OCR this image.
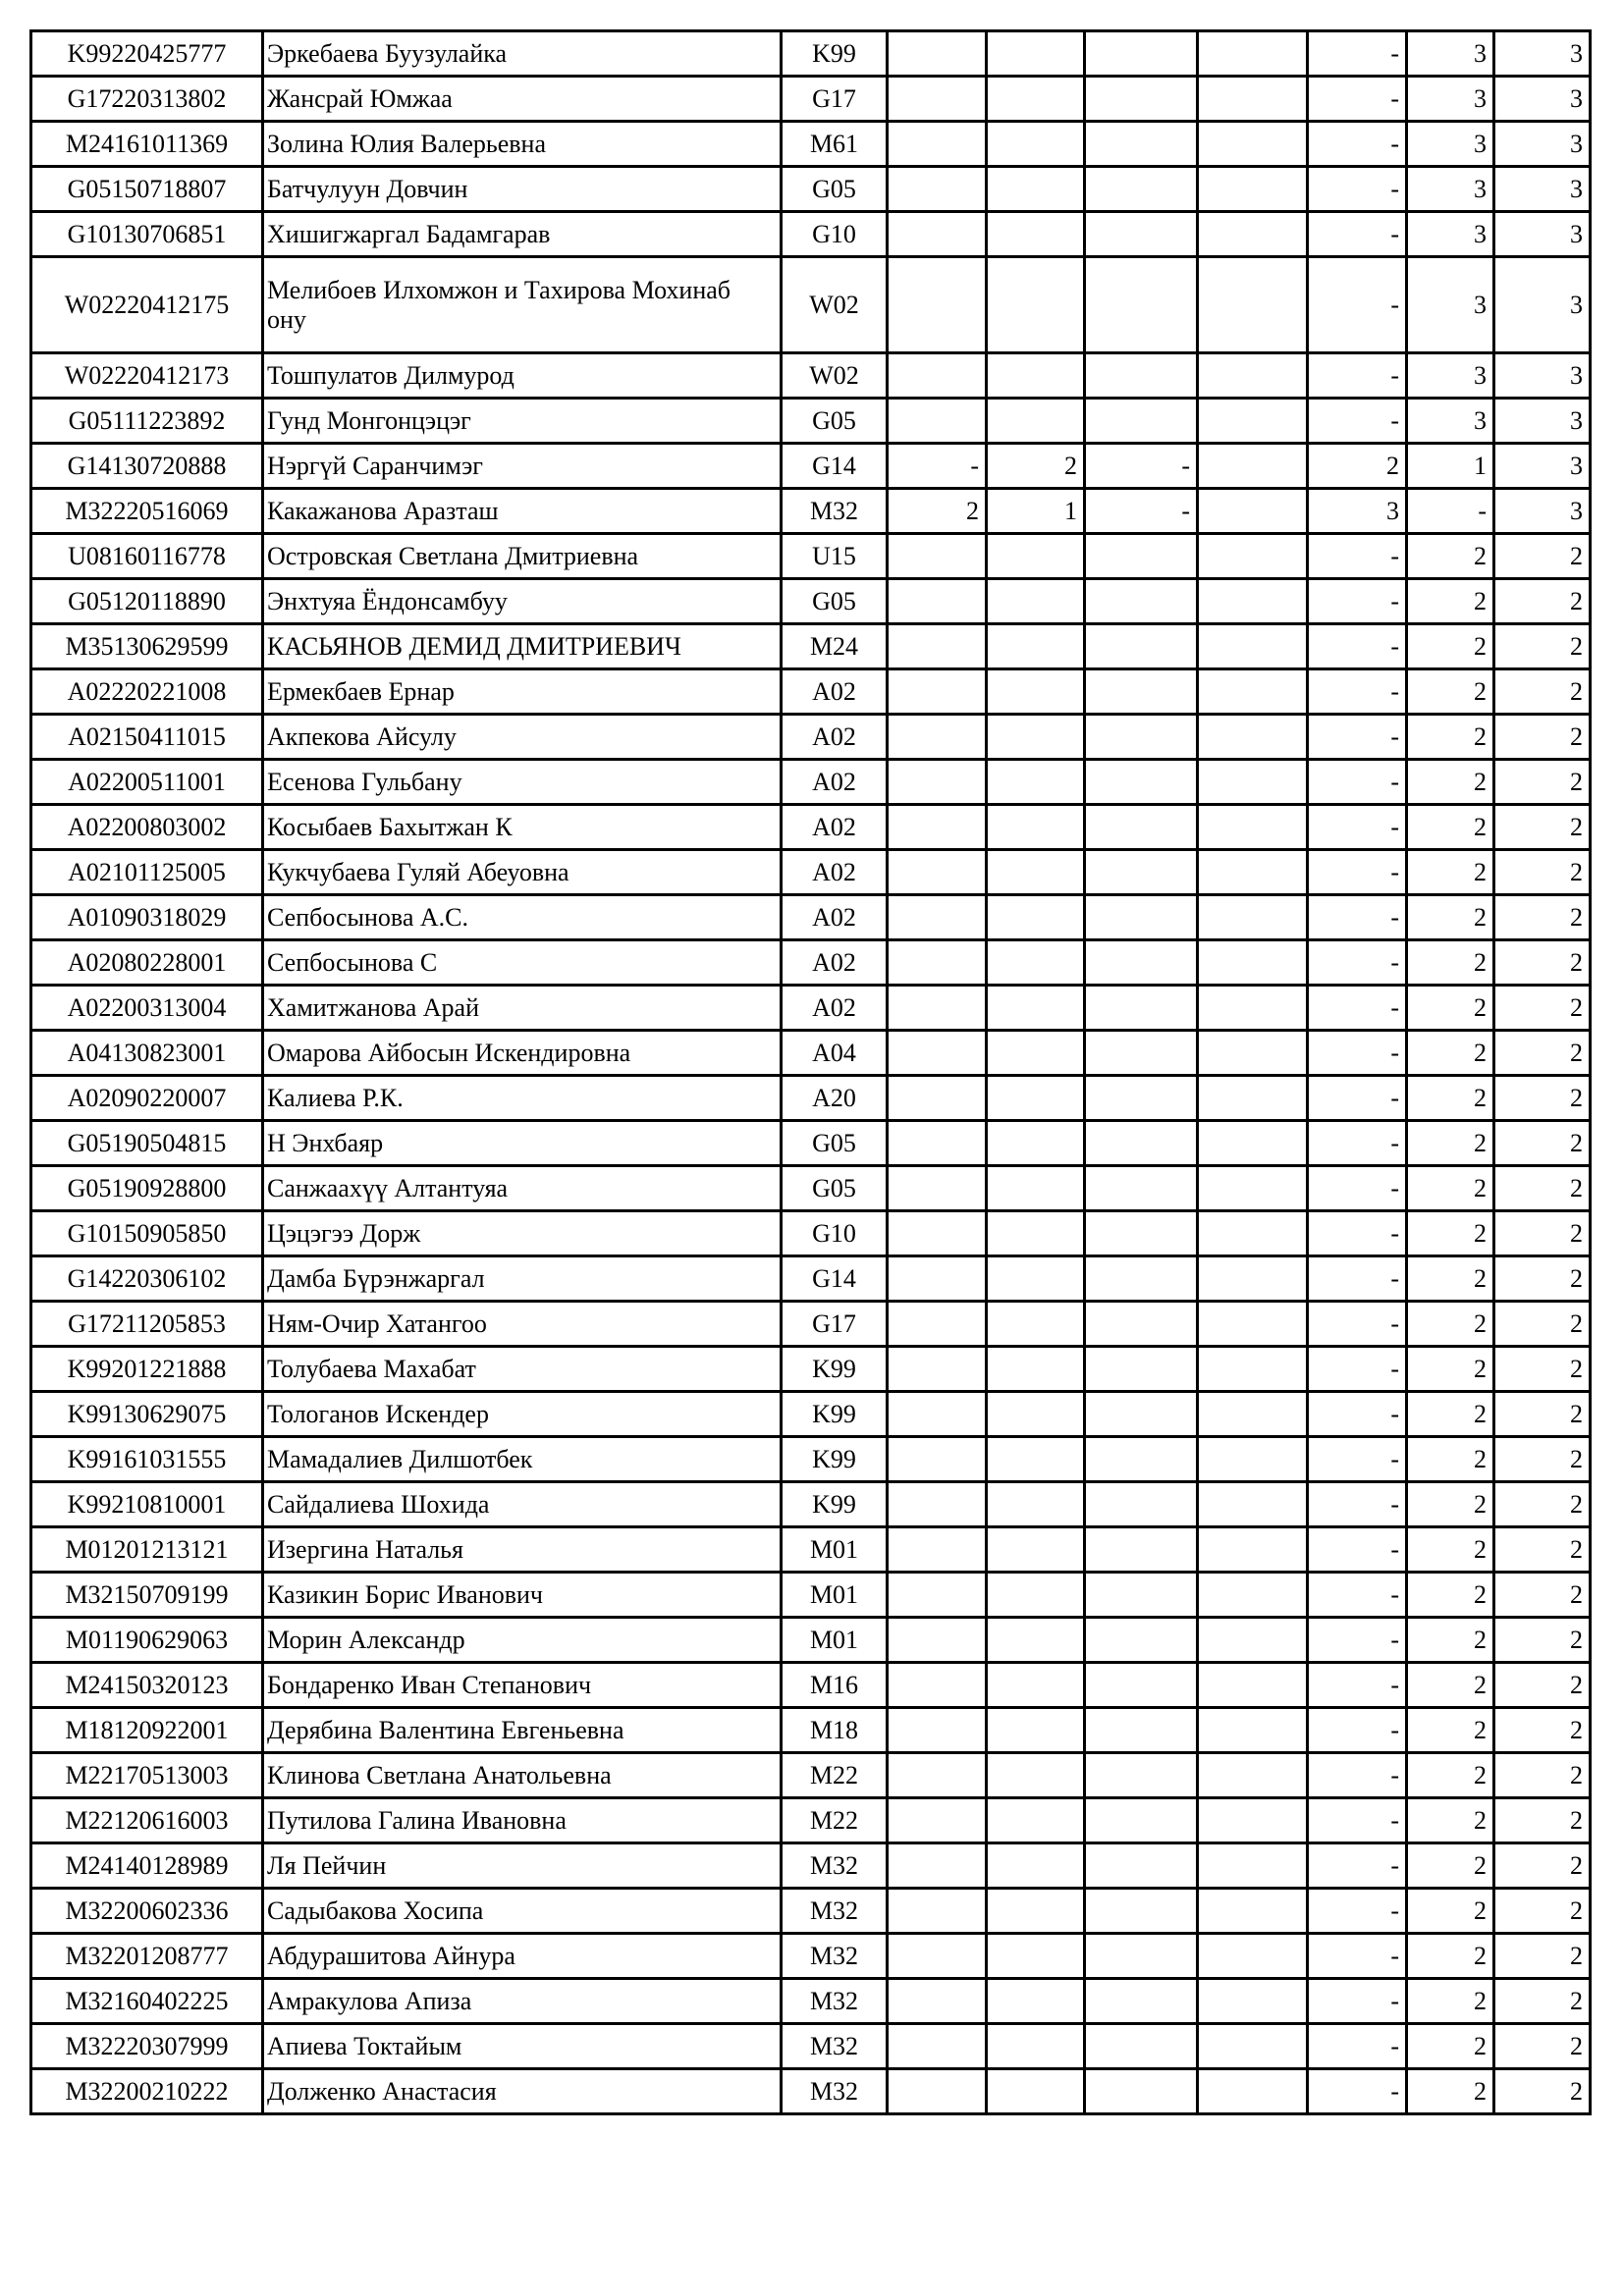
K99220425777	Эркебаева Буузулайка	K99					-	3	3
G17220313802	Жансрай Юмжаа	G17					-	3	3
M24161011369	Золина Юлия Валерьевна	M61					-	3	3
G05150718807	Батчулуун Довчин	G05					-	3	3
G10130706851	Хишигжаргал Бадамгарав	G10					-	3	3
W02220412175	Мелибоев Илхомжон и Тахирова Мохинаб ону	W02					-	3	3
W02220412173	Тошпулатов Дилмурод	W02					-	3	3
G05111223892	Гунд Монгонцэцэг	G05					-	3	3
G14130720888	Нэргүй Саранчимэг	G14	-	2	-		2	1	3
M32220516069	Какажанова Аразташ	M32	2	1	-		3	-	3
U08160116778	Островская Светлана Дмитриевна	U15					-	2	2
G05120118890	Энхтуяа Ёндонсамбуу	G05					-	2	2
M35130629599	КАСЬЯНОВ ДЕМИД ДМИТРИЕВИЧ	M24					-	2	2
A02220221008	Ермекбаев Ернар	A02					-	2	2
A02150411015	Акпекова Айсулу	A02					-	2	2
A02200511001	Есенова Гульбану	A02					-	2	2
A02200803002	Косыбаев Бахытжан К	A02					-	2	2
A02101125005	Кукчубаева Гуляй Абеуовна	A02					-	2	2
A01090318029	Сепбосынова А.С.	A02					-	2	2
A02080228001	Сепбосынова С	A02					-	2	2
A02200313004	Хамитжанова Арай	A02					-	2	2
A04130823001	Омарова Айбосын Искендировна	A04					-	2	2
A02090220007	Калиева Р.К.	A20					-	2	2
G05190504815	Н Энхбаяр	G05					-	2	2
G05190928800	Санжаахүү Алтантуяа	G05					-	2	2
G10150905850	Цэцэгээ Дорж	G10					-	2	2
G14220306102	Дамба Бүрэнжаргал	G14					-	2	2
G17211205853	Ням-Очир Хатангоо	G17					-	2	2
K99201221888	Толубаева Махабат	K99					-	2	2
K99130629075	Тологанов Искендер	K99					-	2	2
K99161031555	Мамадалиев Дилшотбек	K99					-	2	2
K99210810001	Сайдалиева Шохида	K99					-	2	2
M01201213121	Изергина Наталья	M01					-	2	2
M32150709199	Казикин Борис Иванович	M01					-	2	2
M01190629063	Морин Александр	M01					-	2	2
M24150320123	Бондаренко Иван Степанович	M16					-	2	2
M18120922001	Дерябина Валентина Евгеньевна	M18					-	2	2
M22170513003	Клинова Светлана Анатольевна	M22					-	2	2
M22120616003	Путилова Галина Ивановна	M22					-	2	2
M24140128989	Ля Пейчин	M32					-	2	2
M32200602336	Садыбакова Хосипа	M32					-	2	2
M32201208777	Абдурашитова Айнура	M32					-	2	2
M32160402225	Амракулова Апиза	M32					-	2	2
M32220307999	Апиева Токтайым	M32					-	2	2
M32200210222	Долженко Анастасия	M32					-	2	2
